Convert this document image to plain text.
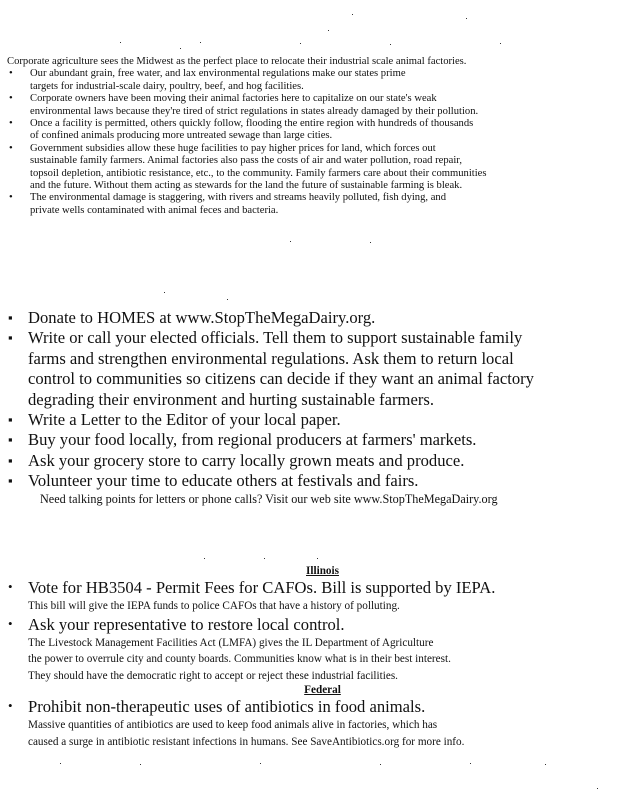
Corporate agriculture sees the Midwest as the perfect place to relocate their industrial scale animal factories.

• Our abundant grain, free water, and lax environmental regulations make our states prime
targets for industrial-scale dairy, poultry, beef, and hog facilities.
• Corporate owners have been moving their animal factories here to capitalize on our state's weak
environmental laws because they're tired of strict regulations in states already damaged by their pollution.
• Once a facility is permitted, others quickly follow, flooding the entire region with hundreds of thousands
of confined animals producing more untreated sewage than large cities.
• Government subsidies allow these huge facilities to pay higher prices for land, which forces out
sustainable family farmers. Animal factories also pass the costs of air and water pollution, road repair,
topsoil depletion, antibiotic resistance, etc., to the community. Family farmers care about their communities
and the future. Without them acting as stewards for the land the future of sustainable farming is bleak.
• The environmental damage is staggering, with rivers and streams heavily polluted, fish dying, and
private wells contaminated with animal feces and bacteria.
▪ Donate to HOMES at www.StopTheMegaDairy.org.
▪ Write or call your elected officials. Tell them to support sustainable family
farms and strengthen environmental regulations. Ask them to return local
control to communities so citizens can decide if they want an animal factory
degrading their environment and hurting sustainable farmers.
▪ Write a Letter to the Editor of your local paper.
▪ Buy your food locally, from regional producers at farmers' markets.
▪ Ask your grocery store to carry locally grown meats and produce.
▪ Volunteer your time to educate others at festivals and fairs.
Need talking points for letters or phone calls? Visit our web site www.StopTheMegaDairy.org
Illinois
• Vote for HB3504 - Permit Fees for CAFOs. Bill is supported by IEPA.
This bill will give the IEPA funds to police CAFOs that have a history of polluting.
• Ask your representative to restore local control.
The Livestock Management Facilities Act (LMFA) gives the IL Department of Agriculture
the power to overrule city and county boards. Communities know what is in their best interest.
They should have the democratic right to accept or reject these industrial facilities.
Federal
• Prohibit non-therapeutic uses of antibiotics in food animals.
Massive quantities of antibiotics are used to keep food animals alive in factories, which has
caused a surge in antibiotic resistant infections in humans. See SaveAntibiotics.org for more info.
